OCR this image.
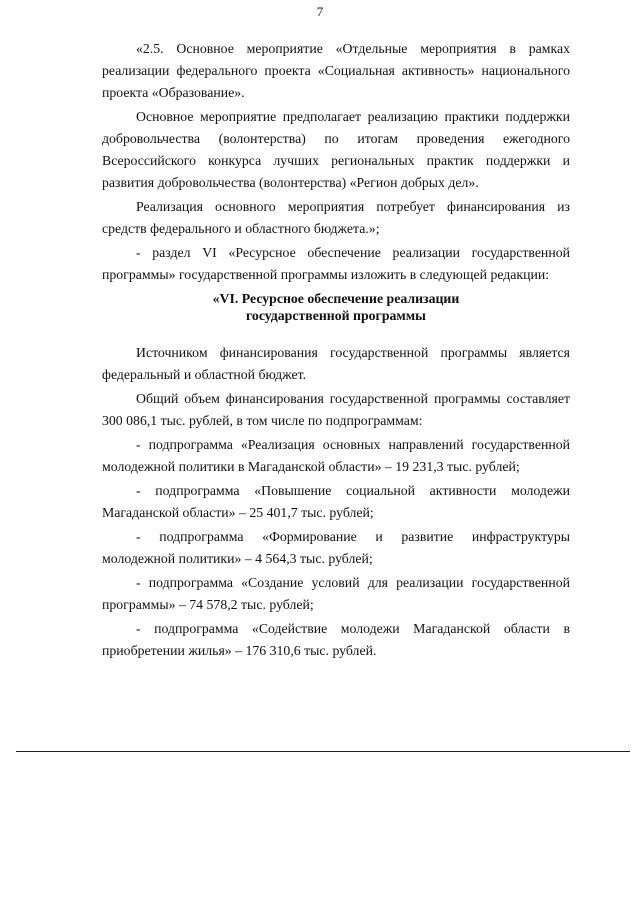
7

«2.5. Основное мероприятие «Отдельные мероприятия в рамках реализации федерального проекта «Социальная активность» национального проекта «Образование».

Основное мероприятие предполагает реализацию практики поддержки добровольчества (волонтерства) по итогам проведения ежегодного Всероссийского конкурса лучших региональных практик поддержки и развития добровольчества (волонтерства) «Регион добрых дел».

Реализация основного мероприятия потребует финансирования из средств федерального и областного бюджета.»;

- раздел VI «Ресурсное обеспечение реализации государственной программы» государственной программы изложить в следующей редакции:

«VI. Ресурсное обеспечение реализации
государственной программы

Источником финансирования государственной программы является федеральный и областной бюджет.

Общий объем финансирования государственной программы составляет 300 086,1 тыс. рублей, в том числе по подпрограммам:

- подпрограмма «Реализация основных направлений государственной молодежной политики в Магаданской области» – 19 231,3 тыс. рублей;

- подпрограмма «Повышение социальной активности молодежи Магаданской области» – 25 401,7 тыс. рублей;

- подпрограмма «Формирование и развитие инфраструктуры молодежной политики» – 4 564,3 тыс. рублей;

- подпрограмма «Создание условий для реализации государственной программы» – 74 578,2 тыс. рублей;

- подпрограмма «Содействие молодежи Магаданской области в приобретении жилья» – 176 310,6 тыс. рублей.
